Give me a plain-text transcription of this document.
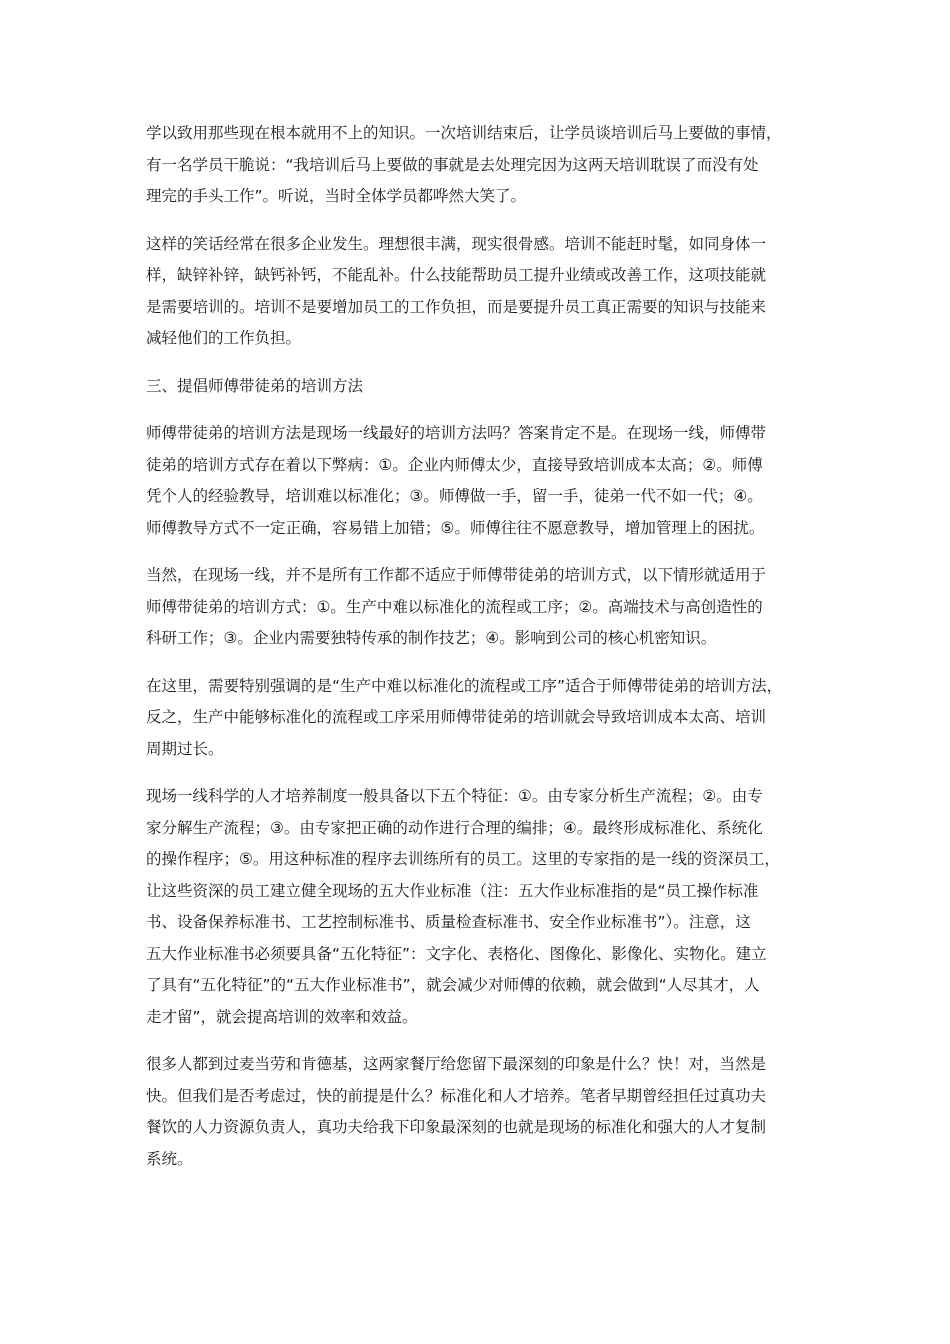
学以致用那些现在根本就用不上的知识。一次培训结束后，让学员谈培训后马上要做的事情，
有一名学员干脆说：“我培训后马上要做的事就是去处理完因为这两天培训耽误了而没有处
理完的手头工作”。听说，当时全体学员都哗然大笑了。

这样的笑话经常在很多企业发生。理想很丰满，现实很骨感。培训不能赶时髦，如同身体一
样，缺锌补锌，缺钙补钙，不能乱补。什么技能帮助员工提升业绩或改善工作，这项技能就
是需要培训的。培训不是要增加员工的工作负担，而是要提升员工真正需要的知识与技能来
减轻他们的工作负担。

三、提倡师傅带徒弟的培训方法

师傅带徒弟的培训方法是现场一线最好的培训方法吗？答案肯定不是。在现场一线，师傅带
徒弟的培训方式存在着以下弊病：①。企业内师傅太少，直接导致培训成本太高；②。师傅
凭个人的经验教导，培训难以标准化；③。师傅做一手，留一手，徒弟一代不如一代；④。
师傅教导方式不一定正确，容易错上加错；⑤。师傅往往不愿意教导，增加管理上的困扰。

当然，在现场一线，并不是所有工作都不适应于师傅带徒弟的培训方式，以下情形就适用于
师傅带徒弟的培训方式：①。生产中难以标准化的流程或工序；②。高端技术与高创造性的
科研工作；③。企业内需要独特传承的制作技艺；④。影响到公司的核心机密知识。

在这里，需要特别强调的是“生产中难以标准化的流程或工序”适合于师傅带徒弟的培训方法，
反之，生产中能够标准化的流程或工序采用师傅带徒弟的培训就会导致培训成本太高、培训
周期过长。

现场一线科学的人才培养制度一般具备以下五个特征：①。由专家分析生产流程；②。由专
家分解生产流程；③。由专家把正确的动作进行合理的编排；④。最终形成标准化、系统化
的操作程序；⑤。用这种标准的程序去训练所有的员工。这里的专家指的是一线的资深员工，
让这些资深的员工建立健全现场的五大作业标准（注：五大作业标准指的是“员工操作标准
书、设备保养标准书、工艺控制标准书、质量检查标准书、安全作业标准书”）。注意，这
五大作业标准书必须要具备“五化特征”：文字化、表格化、图像化、影像化、实物化。建立
了具有“五化特征”的“五大作业标准书”，就会减少对师傅的依赖，就会做到“人尽其才，人
走才留”，就会提高培训的效率和效益。

很多人都到过麦当劳和肯德基，这两家餐厅给您留下最深刻的印象是什么？快！对，当然是
快。但我们是否考虑过，快的前提是什么？标准化和人才培养。笔者早期曾经担任过真功夫
餐饮的人力资源负责人，真功夫给我下印象最深刻的也就是现场的标准化和强大的人才复制
系统。
